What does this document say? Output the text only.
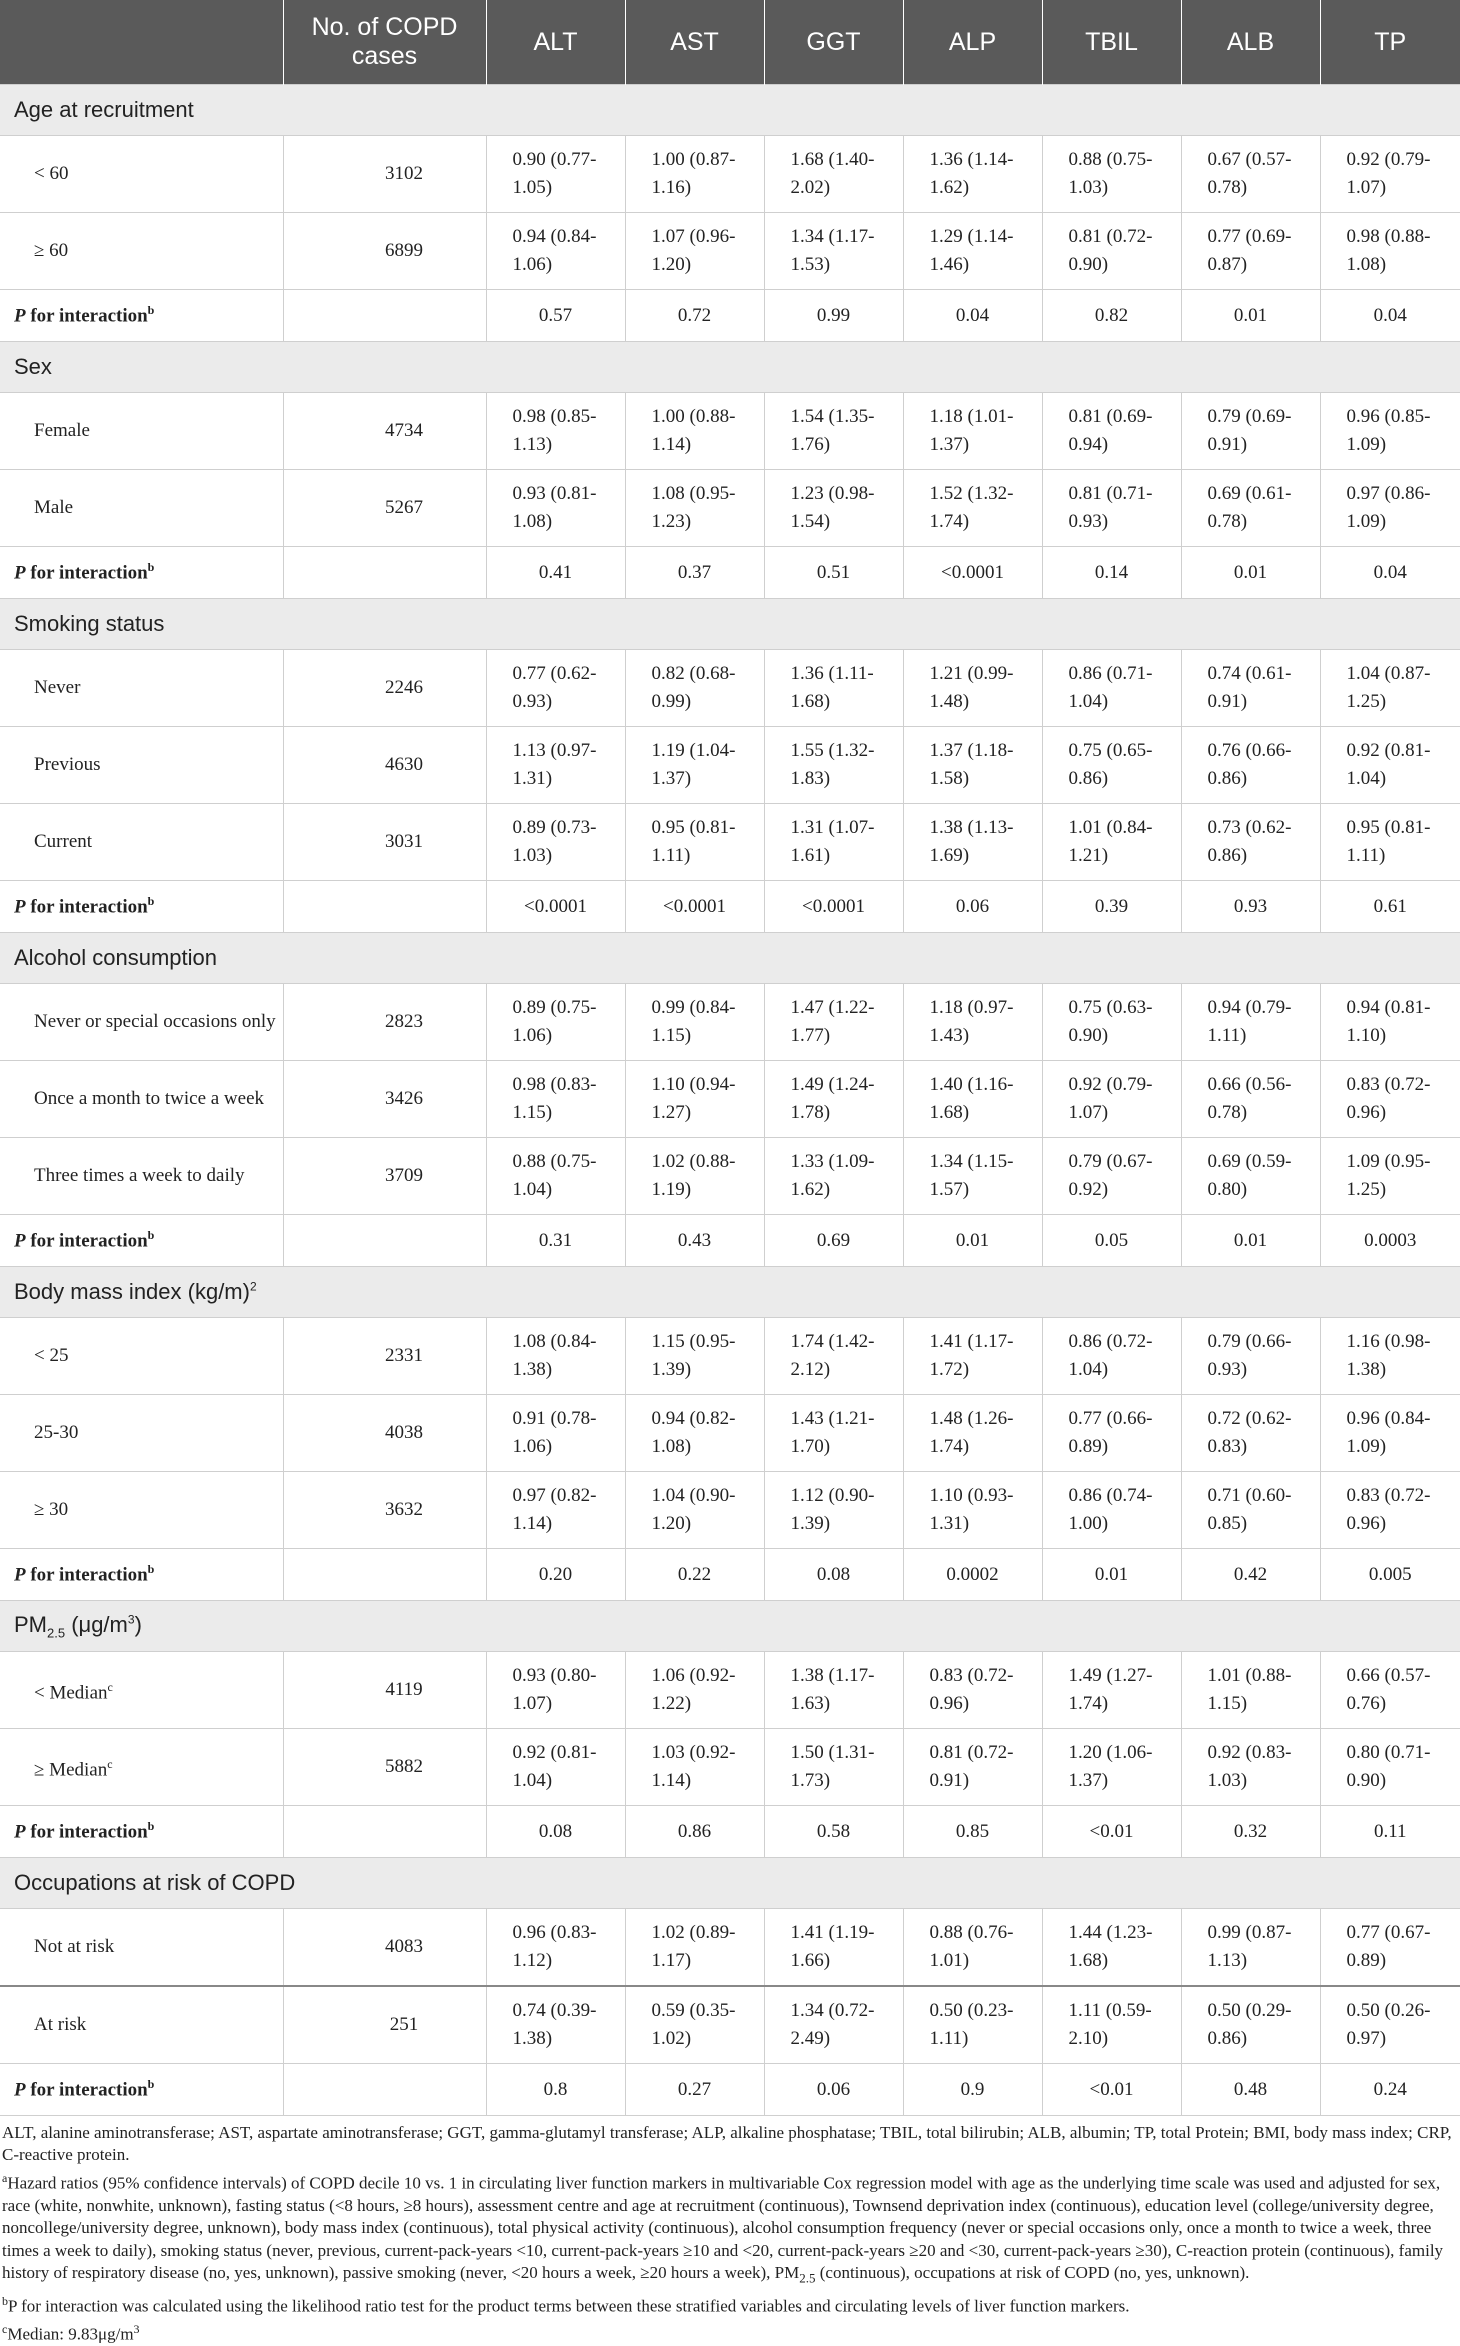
	No. of COPD cases	ALT	AST	GGT	ALP	TBIL	ALB	TP
Age at recruitment								
< 60	3102	0.90 (0.77-1.05)	1.00 (0.87-1.16)	1.68 (1.40-2.02)	1.36 (1.14-1.62)	0.88 (0.75-1.03)	0.67 (0.57-0.78)	0.92 (0.79-1.07)
≥ 60	6899	0.94 (0.84-1.06)	1.07 (0.96-1.20)	1.34 (1.17-1.53)	1.29 (1.14-1.46)	0.81 (0.72-0.90)	0.77 (0.69-0.87)	0.98 (0.88-1.08)
P for interaction$^b$		0.57	0.72	0.99	0.04	0.82	0.01	0.04
Sex								
Female	4734	0.98 (0.85-1.13)	1.00 (0.88-1.14)	1.54 (1.35-1.76)	1.18 (1.01-1.37)	0.81 (0.69-0.94)	0.79 (0.69-0.91)	0.96 (0.85-1.09)
Male	5267	0.93 (0.81-1.08)	1.08 (0.95-1.23)	1.23 (0.98-1.54)	1.52 (1.32-1.74)	0.81 (0.71-0.93)	0.69 (0.61-0.78)	0.97 (0.86-1.09)
P for interaction$^b$		0.41	0.37	0.51	<0.0001	0.14	0.01	0.04
Smoking status								
Never	2246	0.77 (0.62-0.93)	0.82 (0.68-0.99)	1.36 (1.11-1.68)	1.21 (0.99-1.48)	0.86 (0.71-1.04)	0.74 (0.61-0.91)	1.04 (0.87-1.25)
Previous	4630	1.13 (0.97-1.31)	1.19 (1.04-1.37)	1.55 (1.32-1.83)	1.37 (1.18-1.58)	0.75 (0.65-0.86)	0.76 (0.66-0.86)	0.92 (0.81-1.04)
Current	3031	0.89 (0.73-1.03)	0.95 (0.81-1.11)	1.31 (1.07-1.61)	1.38 (1.13-1.69)	1.01 (0.84-1.21)	0.73 (0.62-0.86)	0.95 (0.81-1.11)
P for interaction$^b$		<0.0001	<0.0001	<0.0001	0.06	0.39	0.93	0.61
Alcohol consumption								
Never or special occasions only	2823	0.89 (0.75-1.06)	0.99 (0.84-1.15)	1.47 (1.22-1.77)	1.18 (0.97-1.43)	0.75 (0.63-0.90)	0.94 (0.79-1.11)	0.94 (0.81-1.10)
Once a month to twice a week	3426	0.98 (0.83-1.15)	1.10 (0.94-1.27)	1.49 (1.24-1.78)	1.40 (1.16-1.68)	0.92 (0.79-1.07)	0.66 (0.56-0.78)	0.83 (0.72-0.96)
Three times a week to daily	3709	0.88 (0.75-1.04)	1.02 (0.88-1.19)	1.33 (1.09-1.62)	1.34 (1.15-1.57)	0.79 (0.67-0.92)	0.69 (0.59-0.80)	1.09 (0.95-1.25)
P for interaction$^b$		0.31	0.43	0.69	0.01	0.05	0.01	0.0003
Body mass index $(kg/m)^2$
< 25	2331	1.08 (0.84-1.38)	1.15 (0.95-1.39)	1.74 (1.42-2.12)	1.41 (1.17-1.72)	0.86 (0.72-1.04)	0.79 (0.66-0.93)	1.16 (0.98-1.38)
25-30	4038	0.91 (0.78-1.06)	0.94 (0.82-1.08)	1.43 (1.21-1.70)	1.48 (1.26-1.74)	0.77 (0.66-0.89)	0.72 (0.62-0.83)	0.96 (0.84-1.09)
≥ 30	3632	0.97 (0.82-1.14)	1.04 (0.90-1.20)	1.12 (0.90-1.39)	1.10 (0.93-1.31)	0.86 (0.74-1.00)	0.71 (0.60-0.85)	0.83 (0.72-0.96)
P for interaction$^b$		0.20	0.22	0.08	0.0002	0.01	0.42	0.005
$PM_{2.5}$ $(\mu g/m^3)$								
< Median$^c$	4119	0.93 (0.80-1.07)	1.06 (0.92-1.22)	1.38 (1.17-1.63)	0.83 (0.72-0.96)	1.49 (1.27-1.74)	1.01 (0.88-1.15)	0.66 (0.57-0.76)
≥ Median$^c$	5882	0.92 (0.81-1.04)	1.03 (0.92-1.14)	1.50 (1.31-1.73)	0.81 (0.72-0.91)	1.20 (1.06-1.37)	0.92 (0.83-1.03)	0.80 (0.71-0.90)
P for interaction$^b$		0.08	0.86	0.58	0.85	<0.01	0.32	0.11
Occupations at risk of COPD								
Not at risk	4083	0.96 (0.83-1.12)	1.02 (0.89-1.17)	1.41 (1.19-1.66)	0.88 (0.76-1.01)	1.44 (1.23-1.68)	0.99 (0.87-1.13)	0.77 (0.67-0.89)
At risk	251	0.74 (0.39-1.38)	0.59 (0.35-1.02)	1.34 (0.72-2.49)	0.50 (0.23-1.11)	1.11 (0.59-2.10)	0.50 (0.29-0.86)	0.50 (0.26-0.97)
P for interaction$^b$		0.8	0.27	0.06	0.9	<0.01	0.48	0.24

ALT, alanine aminotransferase; AST, aspartate aminotransferase; GGT, gamma-glutamyl transferase; ALP, alkaline phosphatase; TBIL, total bilirubin; ALB, albumin; TP, total Protein; BMI, body mass index; CRP, C-reactive protein.

$^a$Hazard ratios (95% confidence intervals) of COPD decile 10 vs. 1 in circulating liver function markers in multivariable Cox regression model with age as the underlying time scale was used and adjusted for sex, race (white, nonwhite, unknown), fasting status (<8 hours, ≥8 hours), assessment centre and age at recruitment (continuous), Townsend deprivation index (continuous), education level (college/university degree, noncollege/university degree, unknown), body mass index (continuous), total physical activity (continuous), alcohol consumption frequency (never or special occasions only, once a month to twice a week, three times a week to daily), smoking status (never, previous, current-pack-years <10, current-pack-years ≥10 and <20, current-pack-years ≥20 and <30, current-pack-years ≥30), C-reaction protein (continuous), family history of respiratory disease (no, yes, unknown), passive smoking (never, <20 hours a week, ≥20 hours a week), $PM_{2.5}$ (continuous), occupations at risk of COPD (no, yes, unknown).

$^b$P for interaction was calculated using the likelihood ratio test for the product terms between these stratified variables and circulating levels of liver function markers.

$^c$Median: $9.83\mu g/m^3$
